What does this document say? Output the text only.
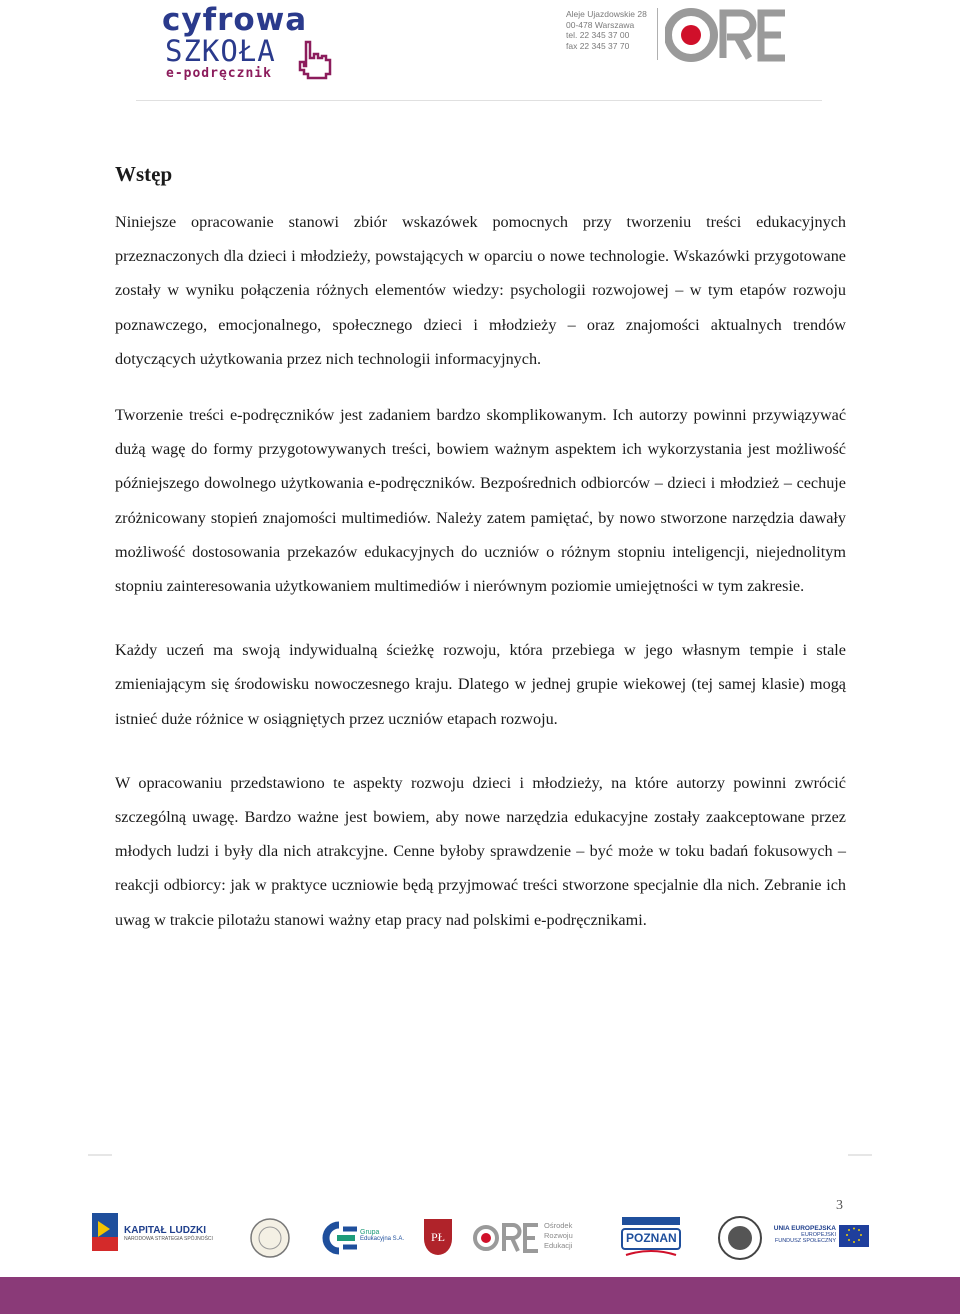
cyfrowa
SZKOŁA
e-podręcznik
Aleje Ujazdowskie 28
00-478 Warszawa
tel. 22 345 37 00
fax 22 345 37 70
Wstęp

Niniejsze opracowanie stanowi zbiór wskazówek pomocnych przy tworzeniu treści edukacyjnych przeznaczonych dla dzieci i młodzieży, powstających w oparciu o nowe technologie. Wskazówki przygotowane zostały w wyniku połączenia różnych elementów wiedzy: psychologii rozwojowej – w tym etapów rozwoju poznawczego, emocjonalnego, społecznego dzieci i młodzieży – oraz znajomości aktualnych trendów dotyczących użytkowania przez nich technologii informacyjnych.

Tworzenie treści e-podręczników jest zadaniem bardzo skomplikowanym. Ich autorzy powinni przywiązywać dużą wagę do formy przygotowywanych treści, bowiem ważnym aspektem ich wykorzystania jest możliwość późniejszego dowolnego użytkowania e-podręczników. Bezpośrednich odbiorców – dzieci i młodzież – cechuje zróżnicowany stopień znajomości multimediów. Należy zatem pamiętać, by nowo stworzone narzędzia dawały możliwość dostosowania przekazów edukacyjnych do uczniów o różnym stopniu inteligencji, niejednolitym stopniu zainteresowania użytkowaniem multimediów i nierównym poziomie umiejętności w tym zakresie.

Każdy uczeń ma swoją indywidualną ścieżkę rozwoju, która przebiega w jego własnym tempie i stale zmieniającym się środowisku nowoczesnego kraju. Dlatego w jednej grupie wiekowej (tej samej klasie) mogą istnieć duże różnice w osiągniętych przez uczniów etapach rozwoju.

W opracowaniu przedstawiono te aspekty rozwoju dzieci i młodzieży, na które autorzy powinni zwrócić szczególną uwagę. Bardzo ważne jest bowiem, aby nowe narzędzia edukacyjne zostały zaakceptowane przez młodych ludzi i były dla nich atrakcyjne. Cenne byłoby sprawdzenie – być może w toku badań fokusowych – reakcji odbiorcy: jak w praktyce uczniowie będą przyjmować treści stworzone specjalnie dla nich. Zebranie ich uwag w trakcie pilotażu stanowi ważny etap pracy nad polskimi e-podręcznikami.

3
KAPITAŁ LUDZKI
NARODOWA STRATEGIA SPÓJNOŚCI
Grupa
Edukacyjna S.A.	PŁ
Ośrodek
Rozwoju
Edukacji
POZNAN
UNIA EUROPEJSKA
EUROPEJSKI
FUNDUSZ SPOŁECZNY
